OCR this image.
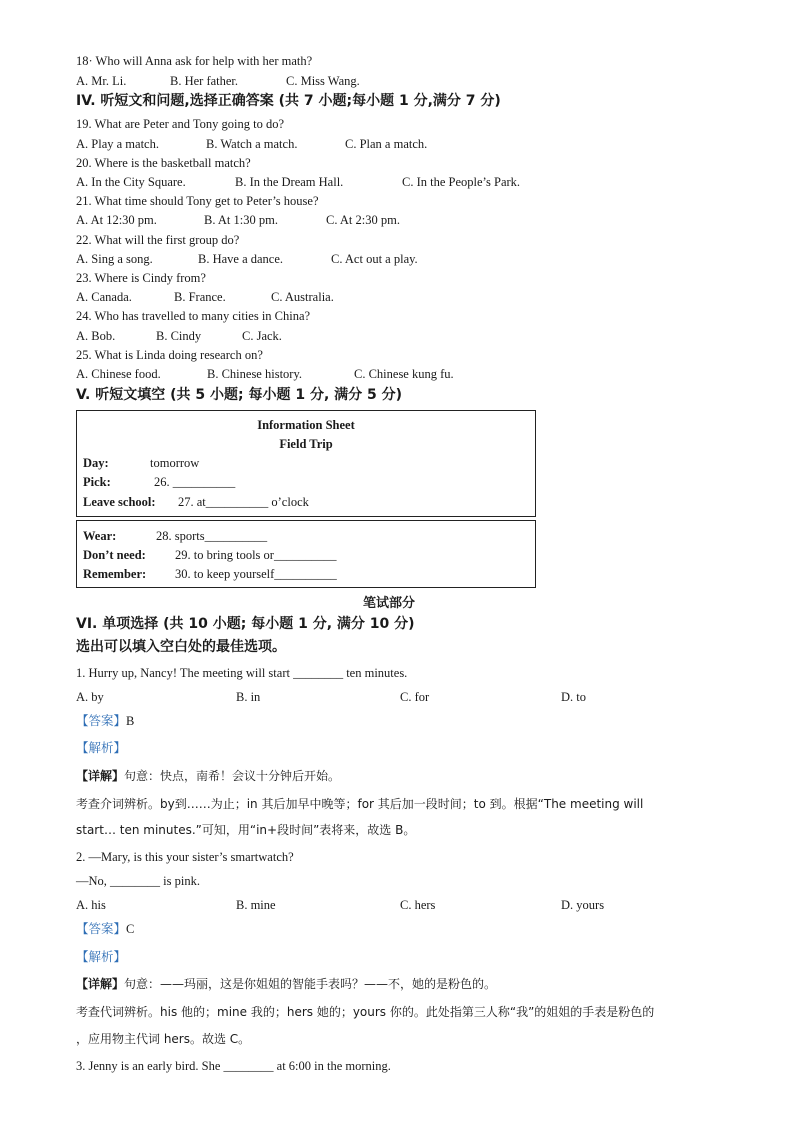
18· Who will Anna ask for help with her math?
A. Mr. Li.	B. Her father.	C. Miss Wang.
IV. 听短文和问题,选择正确答案 (共 7 小题;每小题 1 分,满分 7 分)
19. What are Peter and Tony going to do?
A. Play a match.	B. Watch a match.	C. Plan a match.
20. Where is the basketball match?
A. In the City Square.	B. In the Dream Hall.	C. In the People’s Park.
21. What time should Tony get to Peter’s house?
A. At 12:30 pm.	B. At 1:30 pm.	C. At 2:30 pm.
22. What will the first group do?
A. Sing a song.	B. Have a dance.	C. Act out a play.
23. Where is Cindy from?
A. Canada.	B. France.	C. Australia.
24. Who has travelled to many cities in China?
A. Bob.	B. Cindy	C. Jack.
25. What is Linda doing research on?
A. Chinese food.	B. Chinese history.	C. Chinese kung fu.
V. 听短文填空 (共 5 小题; 每小题 1 分, 满分 5 分)
Information Sheet
Field Trip
Day:	tomorrow
Pick:	26. __________
Leave school: 27. at__________ o’clock
Wear:	28. sports__________
Don’t need: 29. to bring tools or__________
Remember: 30. to keep yourself__________
笔试部分
VI. 单项选择 (共 10 小题; 每小题 1 分, 满分 10 分)
选出可以填入空白处的最佳选项。
1. Hurry up, Nancy! The meeting will start ________ ten minutes.
A. by	B. in	C. for	D. to
【答案】B
【解析】
【详解】句意：快点，南希！会议十分钟后开始。
考查介词辨析。by到……为止；in 其后加早中晚等；for 其后加一段时间；to 到。根据“The meeting will
start… ten minutes.”可知，用“in+段时间”表将来，故选 B。
2. —Mary, is this your sister’s smartwatch?
—No, ________ is pink.
A. his	B. mine	C. hers	D. yours
【答案】C
【解析】
【详解】句意：——玛丽，这是你姐姐的智能手表吗？——不，她的是粉色的。
考查代词辨析。his 他的；mine 我的；hers 她的；yours 你的。此处指第三人称“我”的姐姐的手表是粉色的
，应用物主代词 hers。故选 C。
3. Jenny is an early bird. She ________ at 6:00 in the morning.
